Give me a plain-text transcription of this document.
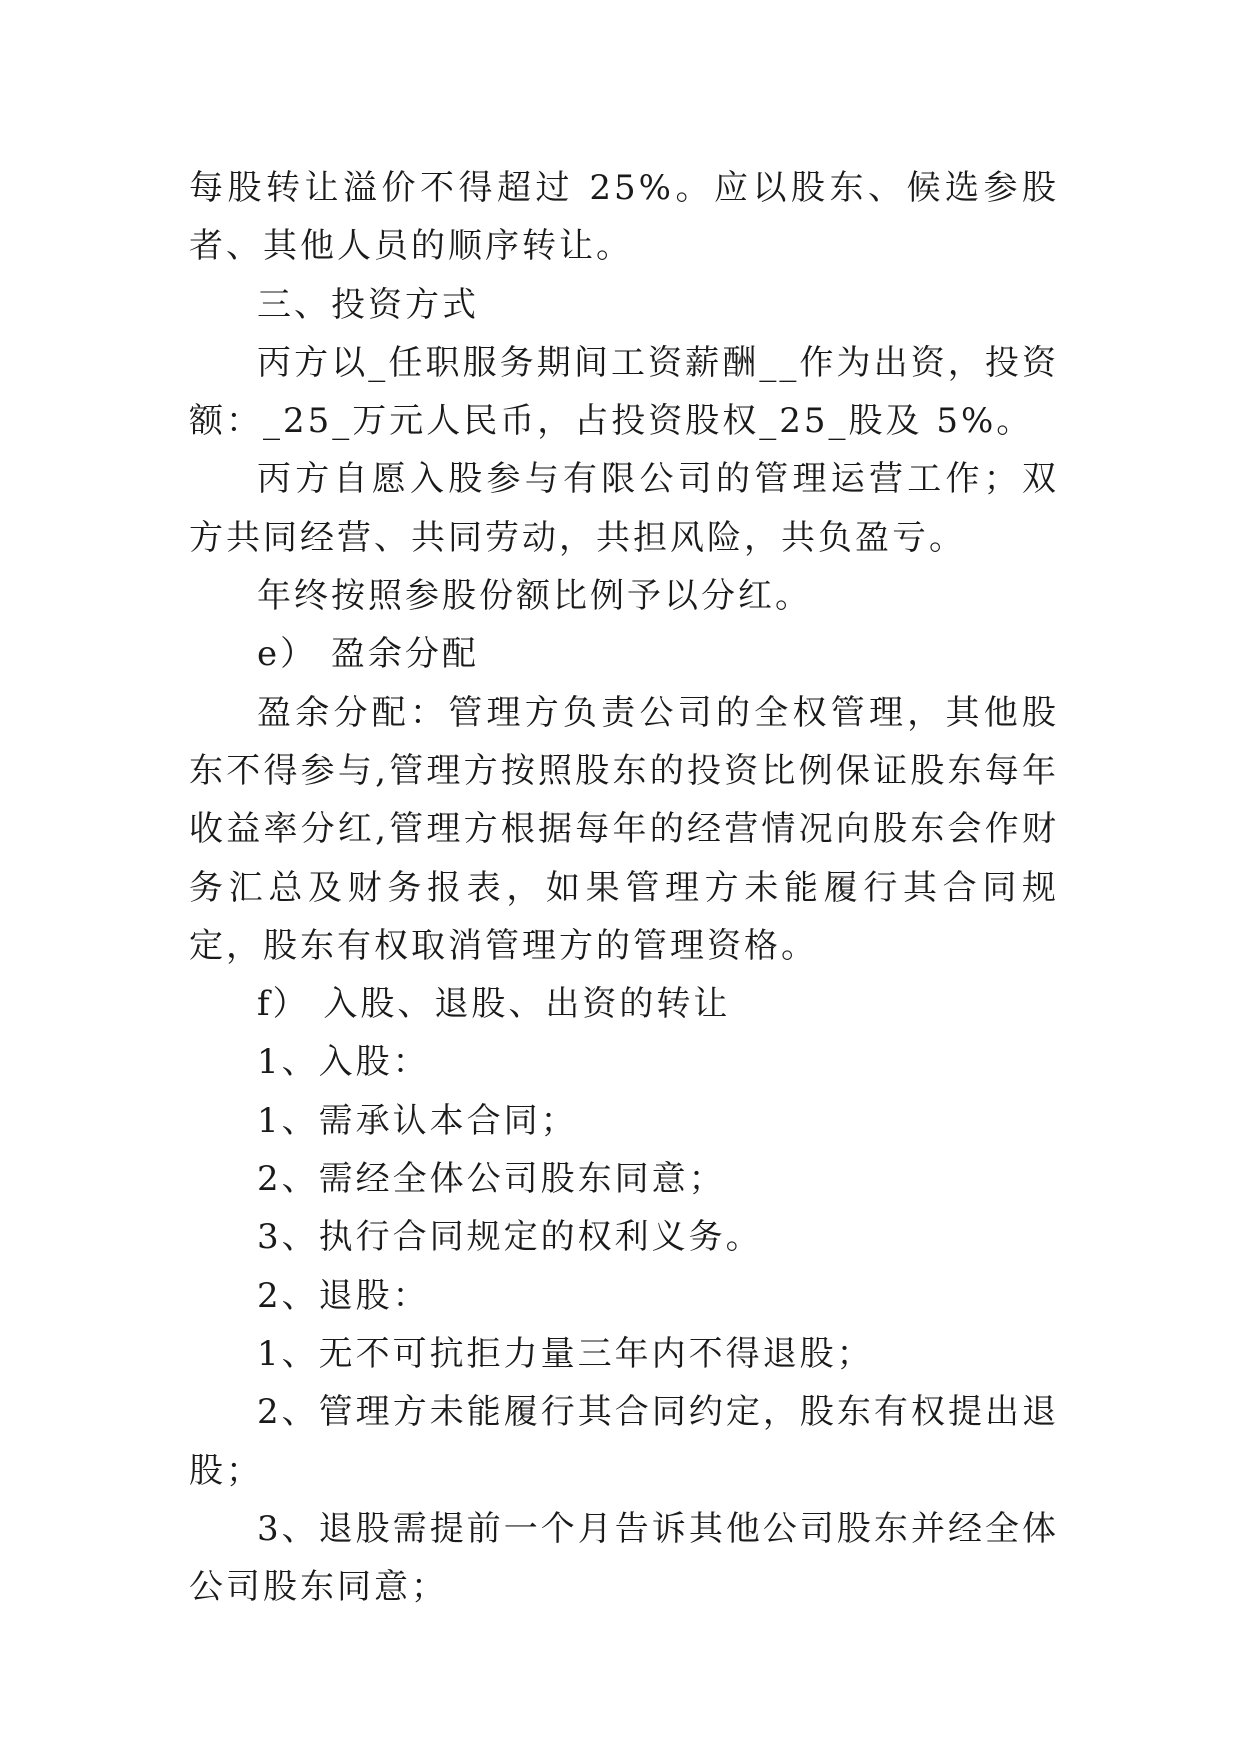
每股转让溢价不得超过 25%。应以股东、候选参股者、其他人员的顺序转让。

三、投资方式

丙方以_任职服务期间工资薪酬__作为出资，投资额：_25_万元人民币，占投资股权_25_股及 5%。

丙方自愿入股参与有限公司的管理运营工作；双方共同经营、共同劳动，共担风险，共负盈亏。

年终按照参股份额比例予以分红。

e） 盈余分配

盈余分配：管理方负责公司的全权管理，其他股东不得参与,管理方按照股东的投资比例保证股东每年收益率分红,管理方根据每年的经营情况向股东会作财务汇总及财务报表，如果管理方未能履行其合同规定，股东有权取消管理方的管理资格。

f） 入股、退股、出资的转让

1、入股：

1、需承认本合同；

2、需经全体公司股东同意；

3、执行合同规定的权利义务。

2、退股：

1、无不可抗拒力量三年内不得退股；

2、管理方未能履行其合同约定，股东有权提出退股；

3、退股需提前一个月告诉其他公司股东并经全体公司股东同意；
